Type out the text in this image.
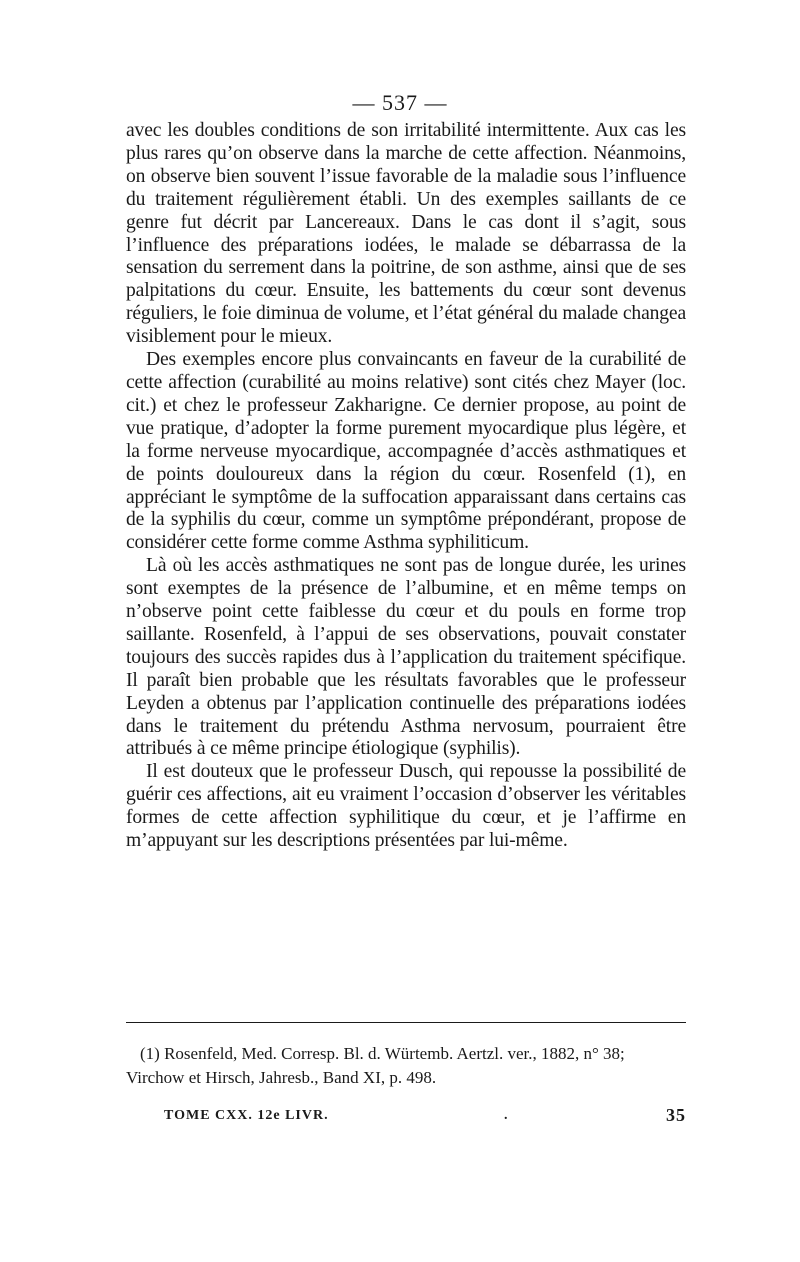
— 537 —

avec les doubles conditions de son irritabilité intermittente. Aux cas les plus rares qu’on observe dans la marche de cette affection. Néanmoins, on observe bien souvent l’issue favorable de la maladie sous l’influence du traitement régulièrement établi. Un des exemples saillants de ce genre fut décrit par Lancereaux. Dans le cas dont il s’agit, sous l’influence des préparations iodées, le malade se débarrassa de la sensation du serrement dans la poitrine, de son asthme, ainsi que de ses palpitations du cœur. Ensuite, les battements du cœur sont devenus réguliers, le foie diminua de volume, et l’état général du malade changea visiblement pour le mieux.

Des exemples encore plus convaincants en faveur de la curabilité de cette affection (curabilité au moins relative) sont cités chez Mayer (loc. cit.) et chez le professeur Zakharigne. Ce dernier propose, au point de vue pratique, d’adopter la forme purement myocardique plus légère, et la forme nerveuse myocardique, accompagnée d’accès asthmatiques et de points douloureux dans la région du cœur. Rosenfeld (1), en appréciant le symptôme de la suffocation apparaissant dans certains cas de la syphilis du cœur, comme un symptôme prépondérant, propose de considérer cette forme comme Asthma syphiliticum.

Là où les accès asthmatiques ne sont pas de longue durée, les urines sont exemptes de la présence de l’albumine, et en même temps on n’observe point cette faiblesse du cœur et du pouls en forme trop saillante. Rosenfeld, à l’appui de ses observations, pouvait constater toujours des succès rapides dus à l’application du traitement spécifique. Il paraît bien probable que les résultats favorables que le professeur Leyden a obtenus par l’application continuelle des préparations iodées dans le traitement du prétendu Asthma nervosum, pourraient être attribués à ce même principe étiologique (syphilis).

Il est douteux que le professeur Dusch, qui repousse la possibilité de guérir ces affections, ait eu vraiment l’occasion d’observer les véritables formes de cette affection syphilitique du cœur, et je l’affirme en m’appuyant sur les descriptions présentées par lui-même.

(1) Rosenfeld, Med. Corresp. Bl. d. Würtemb. Aertzl. ver., 1882, n° 38; Virchow et Hirsch, Jahresb., Band XI, p. 498.

TOME CXX. 12e LIVR.	.	35
